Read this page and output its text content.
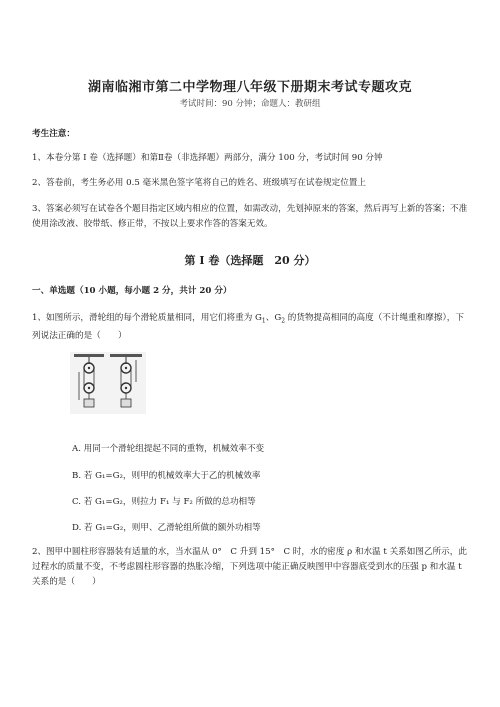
湖南临湘市第二中学物理八年级下册期末考试专题攻克
考试时间：90 分钟；命题人：教研组
考生注意：
1、本卷分第 I 卷（选择题）和第Ⅱ卷（非选择题）两部分，满分 100 分，考试时间 90 分钟
2、答卷前，考生务必用 0.5 毫米黑色签字笔将自己的姓名、班级填写在试卷规定位置上
3、答案必须写在试卷各个题目指定区域内相应的位置，如需改动，先划掉原来的答案，然后再写上新的答案；不准使用涂改液、胶带纸、修正带，不按以上要求作答的答案无效。
第 I 卷（选择题　20 分）
一、单选题（10 小题，每小题 2 分，共计 20 分）
1、如图所示，滑轮组的每个滑轮质量相同，用它们将重为 $G_1$、$G_2$ 的货物提高相同的高度（不计绳重和摩擦），下列说法正确的是（　　）
A. 用同一个滑轮组提起不同的重物，机械效率不变
B. 若 G₁=G₂，则甲的机械效率大于乙的机械效率
C. 若 G₁=G₂，则拉力 F₁ 与 F₂ 所做的总功相等
D. 若 G₁=G₂，则甲、乙滑轮组所做的额外功相等
2、图甲中圆柱形容器装有适量的水，当水温从 0°　C 升到 15°　C 时，水的密度 ρ 和水温 t 关系如图乙所示，此过程水的质量不变，不考虑圆柱形容器的热胀冷缩，下列选项中能正确反映图甲中容器底受到水的压强 p 和水温 t 关系的是（　　）
